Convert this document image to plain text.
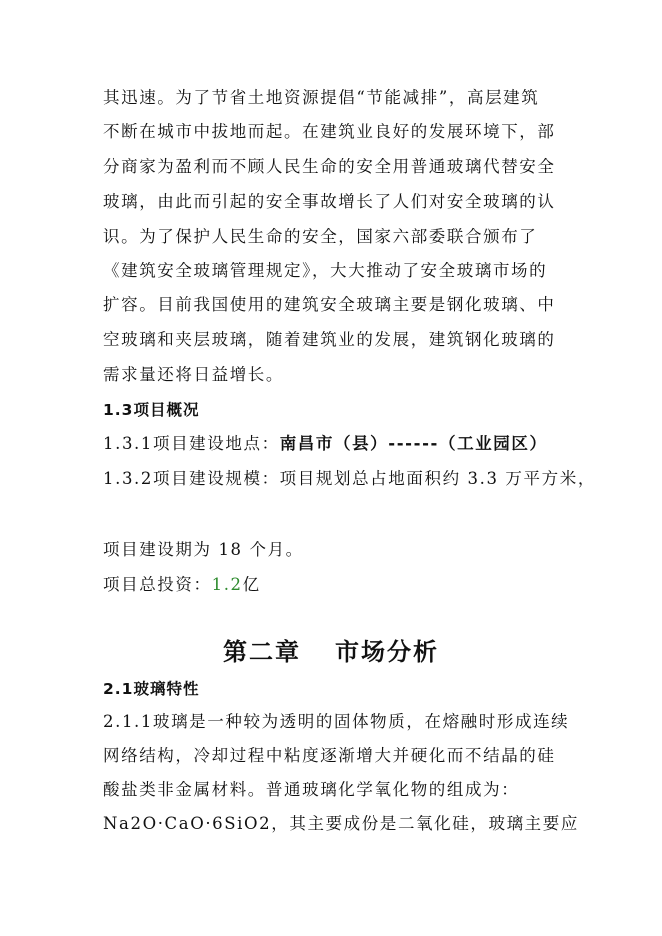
其迅速。为了节省土地资源提倡“节能减排”，高层建筑
不断在城市中拔地而起。在建筑业良好的发展环境下，部
分商家为盈利而不顾人民生命的安全用普通玻璃代替安全
玻璃，由此而引起的安全事故增长了人们对安全玻璃的认
识。为了保护人民生命的安全，国家六部委联合颁布了
《建筑安全玻璃管理规定》，大大推动了安全玻璃市场的
扩容。目前我国使用的建筑安全玻璃主要是钢化玻璃、中
空玻璃和夹层玻璃，随着建筑业的发展，建筑钢化玻璃的
需求量还将日益增长。
1.3项目概况
1.3.1项目建设地点：南昌市（县）------（工业园区）
1.3.2项目建设规模：项目规划总占地面积约 3.3 万平方米，
项目建设期为 18 个月。
项目总投资：1.2亿
第二章 市场分析
2.1玻璃特性
2.1.1玻璃是一种较为透明的固体物质，在熔融时形成连续
网络结构，冷却过程中粘度逐渐增大并硬化而不结晶的硅
酸盐类非金属材料。普通玻璃化学氧化物的组成为：
Na2O·CaO·6SiO2，其主要成份是二氧化硅，玻璃主要应
